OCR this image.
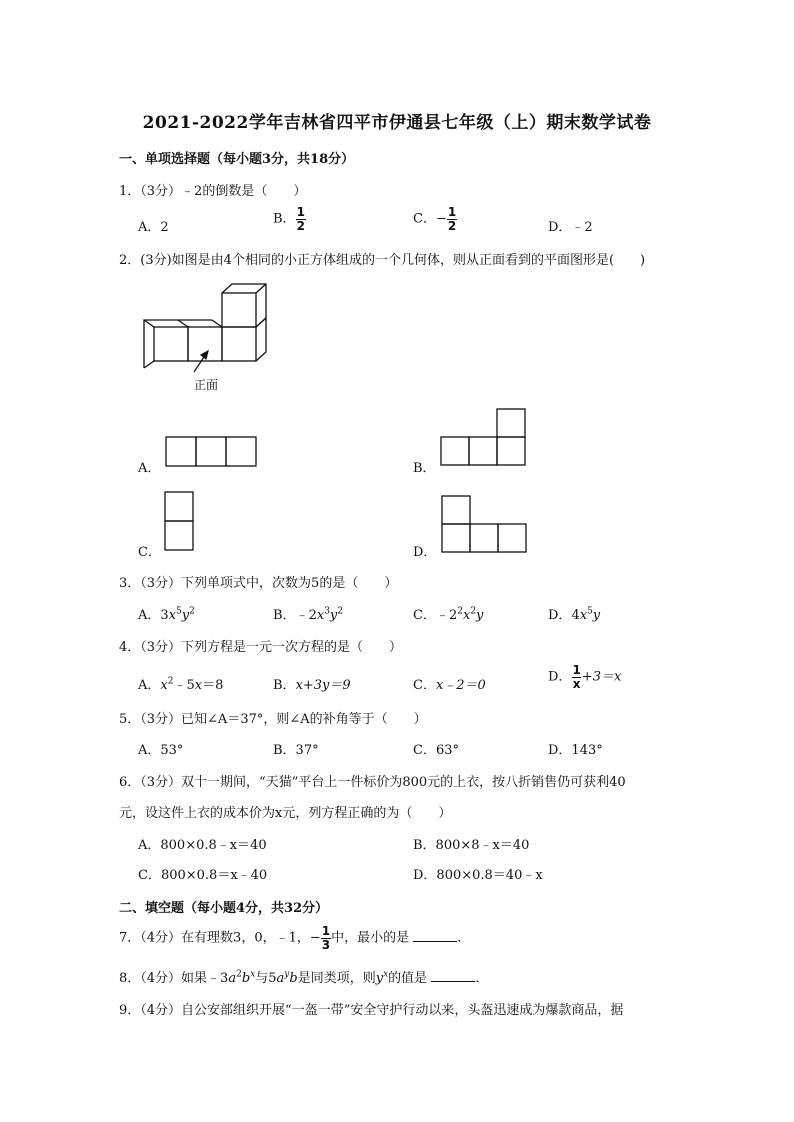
2021-2022学年吉林省四平市伊通县七年级（上）期末数学试卷
一、单项选择题（每小题3分，共18分）
1．（3分）﹣2的倒数是（　　）
A．2
B． $\frac{1}{2}$	C．− $\frac{1}{2}$	D．﹣2
2．(3分)如图是由4个相同的小正方体组成的一个几何体，则从正面看到的平面图形是(　　)
正面
A．	B．
C．	D．
3．（3分）下列单项式中，次数为5的是（　　）
A．$3x^5y^2$	B．$﹣2x^3y^2$	C．$﹣2^2x^2y$	D．$4x^5y$
4．（3分）下列方程是一元一次方程的是（　　）
A．$x^2﹣5x=8$	B．x+3y＝9	C．x﹣2＝0
D． $\frac{1}{x} +3=x$
5．（3分）已知∠A＝37°，则∠A的补角等于（　　）
A．53°	B．37°	C．63°	D．143°
6．（3分）双十一期间，“天猫”平台上一件标价为800元的上衣，按八折销售仍可获利40
元，设这件上衣的成本价为x元，列方程正确的为（　　）
A．800×0.8﹣x＝40	B．800×8﹣x＝40
C．800×0.8＝x﹣40	D．800×0.8＝40﹣x
二、填空题（每小题4分，共32分）
7．（4分）在有理数3，0，﹣1，− $\frac{1}{3}$ 中，最小的是	．
8．（4分）如果$﹣3a^2b^x$与$5a^yb$是同类项，则$y^x$的值是	．
9．（4分）自公安部组织开展“一盔一带”安全守护行动以来，头盔迅速成为爆款商品，据
